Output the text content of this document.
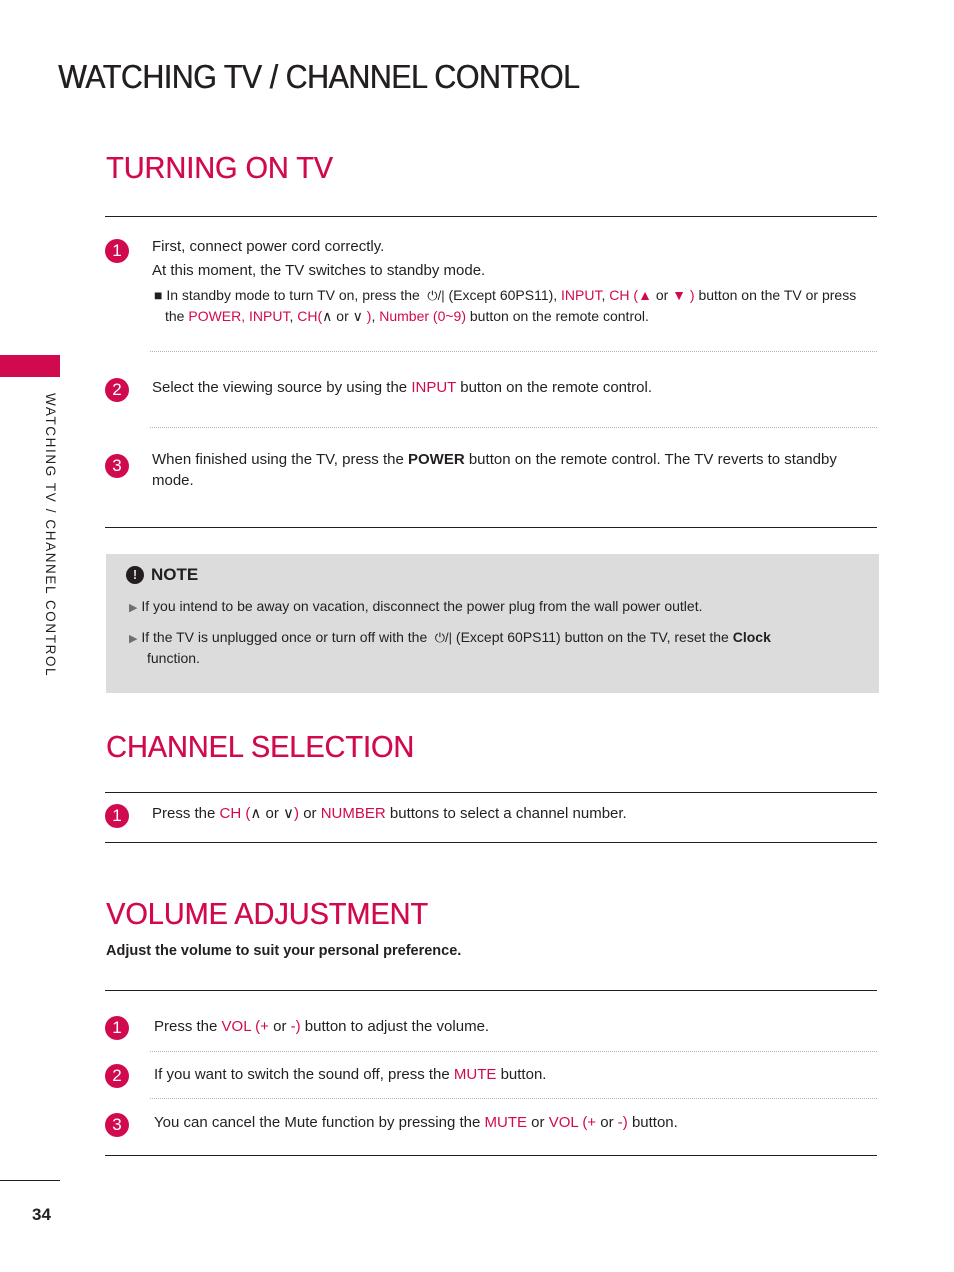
WATCHING TV / CHANNEL CONTROL
WATCHING TV / CHANNEL CONTROL
TURNING ON TV
1	First, connect power cord correctly.
At this moment, the TV switches to standby mode.
■ In standby mode to turn TV on, press the  ⏻/| (Except 60PS11), INPUT, CH (▲ or ▼ ) button on the TV or press
the POWER, INPUT, CH(∧ or ∨ ), Number (0~9) button on the remote control.
2	Select the viewing source by using the INPUT button on the remote control.
3	When finished using the TV, press the POWER button on the remote control. The TV reverts to standby
mode.
! NOTE
▶ If you intend to be away on vacation, disconnect the power plug from the wall power outlet.
▶ If the TV is unplugged once or turn off with the  ⏻/| (Except 60PS11) button on the TV, reset the Clock
function.
CHANNEL SELECTION
1	Press the CH (∧ or ∨) or NUMBER buttons to select a channel number.
VOLUME ADJUSTMENT
Adjust the volume to suit your personal preference.
1	Press the VOL (+ or -) button to adjust the volume.
2	If you want to switch the sound off, press the MUTE button.
3	You can cancel the Mute function by pressing the MUTE or VOL (+ or -) button.
34
